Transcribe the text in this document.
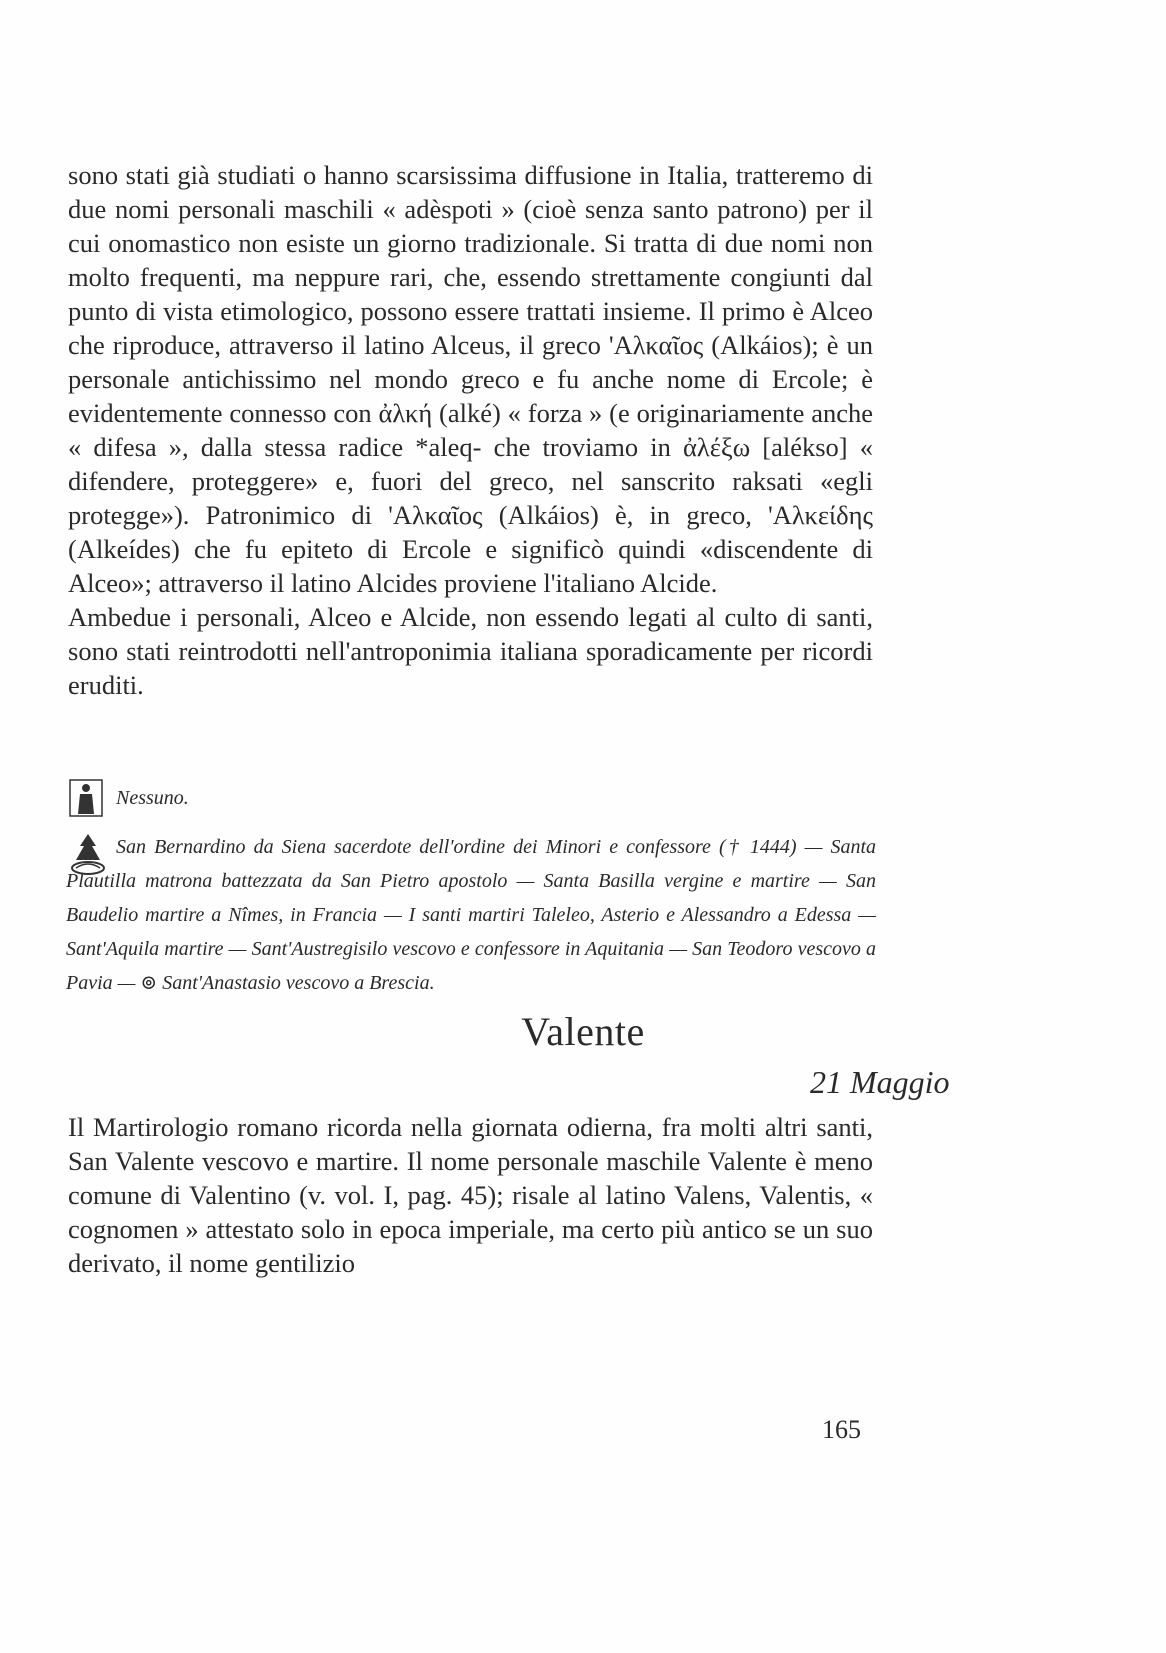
sono stati già studiati o hanno scarsissima diffusione in Italia, tratteremo di due nomi personali maschili « adèspoti » (cioè senza santo patrono) per il cui onomastico non esiste un giorno tradizionale. Si tratta di due nomi non molto frequenti, ma neppure rari, che, essendo strettamente congiunti dal punto di vista etimologico, possono essere trattati insieme. Il primo è Alceo che riproduce, attraverso il latino Alceus, il greco 'Αλκαῖος (Alkáios); è un personale antichissimo nel mondo greco e fu anche nome di Ercole; è evidentemente connesso con ἀλκή (alké) « forza » (e originariamente anche « difesa », dalla stessa radice *aleq- che troviamo in ἀλέξω [alékso] « difendere, proteggere» e, fuori del greco, nel sanscrito raksati «egli protegge»). Patronimico di 'Αλκαῖος (Alkáios) è, in greco, 'Αλκείδης (Alkeídes) che fu epiteto di Ercole e significò quindi «discendente di Alceo»; attraverso il latino Alcides proviene l'italiano Alcide.

Ambedue i personali, Alceo e Alcide, non essendo legati al culto di santi, sono stati reintrodotti nell'antroponimia italiana sporadicamente per ricordi eruditi.

Nessuno.
San Bernardino da Siena sacerdote dell'ordine dei Minori e confessore († 1444) — Santa Plautilla matrona battezzata da San Pietro apostolo — Santa Basilla vergine e martire — San Baudelio martire a Nîmes, in Francia — I santi martiri Taleleo, Asterio e Alessandro a Edessa — Sant'Aquila martire — Sant'Austregisilo vescovo e confessore in Aquitania — San Teodoro vescovo a Pavia — ⊚ Sant'Anastasio vescovo a Brescia.
Valente
21 Maggio

Il Martirologio romano ricorda nella giornata odierna, fra molti altri santi, San Valente vescovo e martire. Il nome personale maschile Valente è meno comune di Valentino (v. vol. I, pag. 45); risale al latino Valens, Valentis, « cognomen » attestato solo in epoca imperiale, ma certo più antico se un suo derivato, il nome gentilizio

165
